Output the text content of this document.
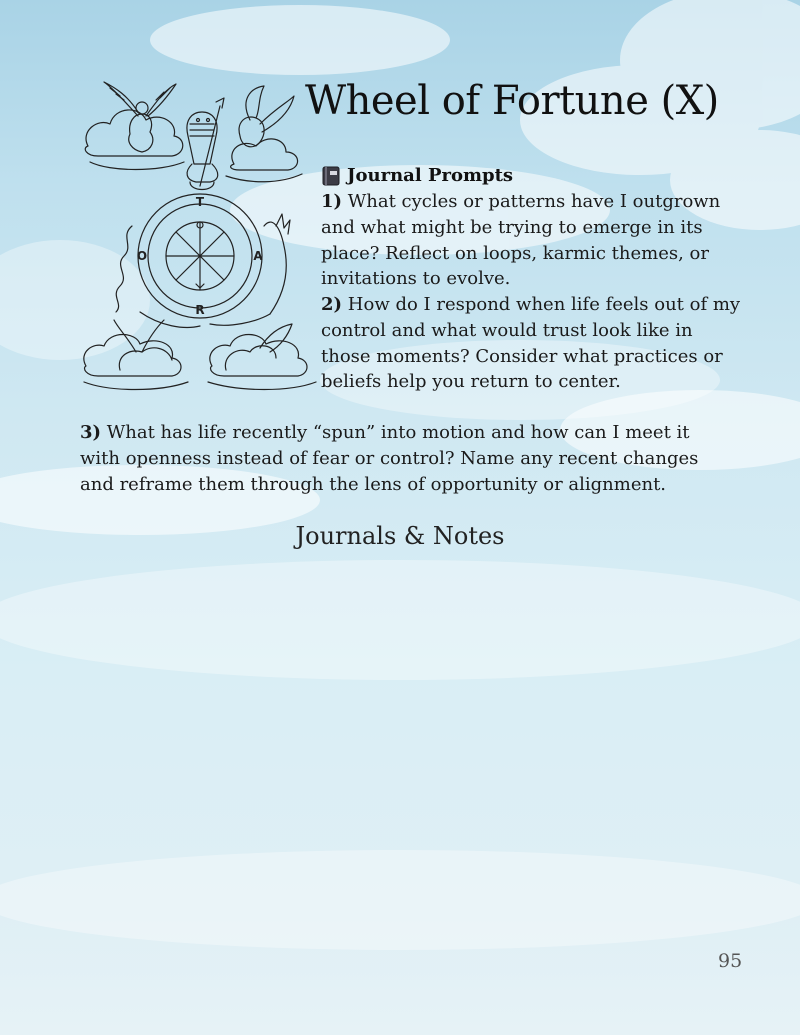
T
A
R
O
Wheel of Fortune (X)
Journal Prompts

1) What cycles or patterns have I outgrown and what might be trying to emerge in its place? Reflect on loops, karmic themes, or invitations to evolve.

2) How do I respond when life feels out of my control and what would trust look like in those moments? Consider what practices or beliefs help you return to center.

3) What has life recently “spun” into motion and how can I meet it with openness instead of fear or control? Name any recent changes and reframe them through the lens of opportunity or alignment.

Journals & Notes
95
